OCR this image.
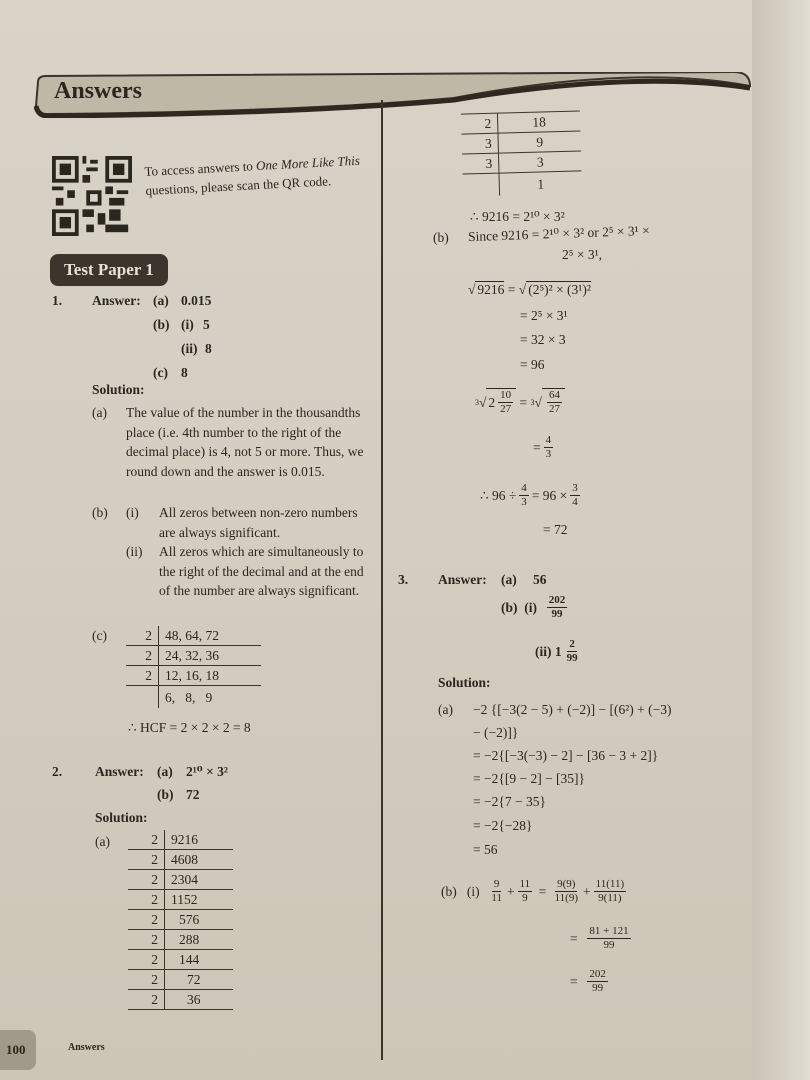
Answers
To access answers to One More Like This questions, please scan the QR code.
Test Paper 1
1. Answer: (a) 0.015
(b) (i) 5
(ii) 8
(c) 8
Solution:
(a) The value of the number in the thousandths place (i.e. 4th number to the right of the decimal place) is 4, not 5 or more. Thus, we round down and the answer is 0.015.
(b) (i) All zeros between non-zero numbers are always significant.
(ii) All zeros which are simultaneously to the right of the decimal and at the end of the number are always significant.
(c)	2	48, 64, 72
2	24, 32, 36
2	12, 16, 18
	6,   8,   9
∴ HCF = 2 × 2 × 2 = 8
2. Answer: (a) 2¹⁰ × 3²
(b) 72
Solution:
(a)	2	9216
2	4608
2	2304
2	1152
2	576
2	288
2	144
2	72
2	36
2	18
3	9
3	3
	1
∴ 9216 = 2¹⁰ × 3²
(b) Since 9216 = 2¹⁰ × 3² or 2⁵ × 3¹ ×
2⁵ × 3¹,
√ 9216 = √ (2⁵)² × (3¹)²
= 2⁵ × 3¹
= 32 × 3
= 96
3 √ $2 \frac{10}{27} = 3$ √ $\frac{64}{27}$
= $\frac{4}{3}$
∴ $96 \div \frac{4}{3} = 96 \times \frac{3}{4}$
= 72
3. Answer: (a) 56
(b)
(i)
$\frac{202}{99}$
(ii)
$1 \frac{2}{99}$
Solution:
(a) −2 {[−3(2 − 5) + (−2)] − [(6²) + (−3)
− (−2)]}
= −2{[−3(−3) − 2] − [36 − 3 + 2]}
= −2{[9 − 2] − [35]}
= −2{7 − 35}
= −2{−28}
= 56
(b)
(i)
$\frac{9}{11} + \frac{11}{9} = \frac{9(9)}{11(9)} + \frac{11(11)}{9(11)}$
= $\frac{81 + 121}{99}$
= $\frac{202}{99}$
100	Answers
